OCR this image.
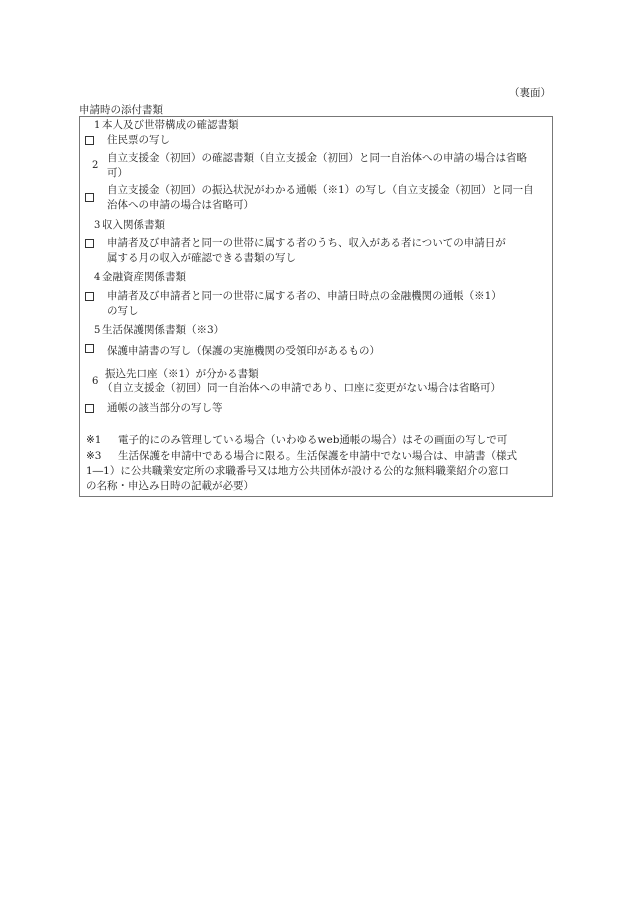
（裏面）
申請時の添付書類
1 本人及び世帯構成の確認書類
住民票の写し
2
自立支援金（初回）の確認書類（自立支援金（初回）と同一自治体への申請の場合は省略
可）
自立支援金（初回）の振込状況がわかる通帳（※1）の写し（自立支援金（初回）と同一自
治体への申請の場合は省略可）
3 収入関係書類
申請者及び申請者と同一の世帯に属する者のうち、収入がある者についての申請日が
属する月の収入が確認できる書類の写し
4 金融資産関係書類
申請者及び申請者と同一の世帯に属する者の、申請日時点の金融機関の通帳（※1）
の写し
5 生活保護関係書類（※3）
保護申請書の写し（保護の実施機関の受領印があるもの）
6
振込先口座（※1）が分かる書類
（自立支援金（初回）同一自治体への申請であり、口座に変更がない場合は省略可）
通帳の該当部分の写し等
※1 電子的にのみ管理している場合（いわゆるweb通帳の場合）はその画面の写しで可
※3 生活保護を申請中である場合に限る。生活保護を申請中でない場合は、申請書（様式
1―1）に公共職業安定所の求職番号又は地方公共団体が設ける公的な無料職業紹介の窓口
の名称・申込み日時の記載が必要）
